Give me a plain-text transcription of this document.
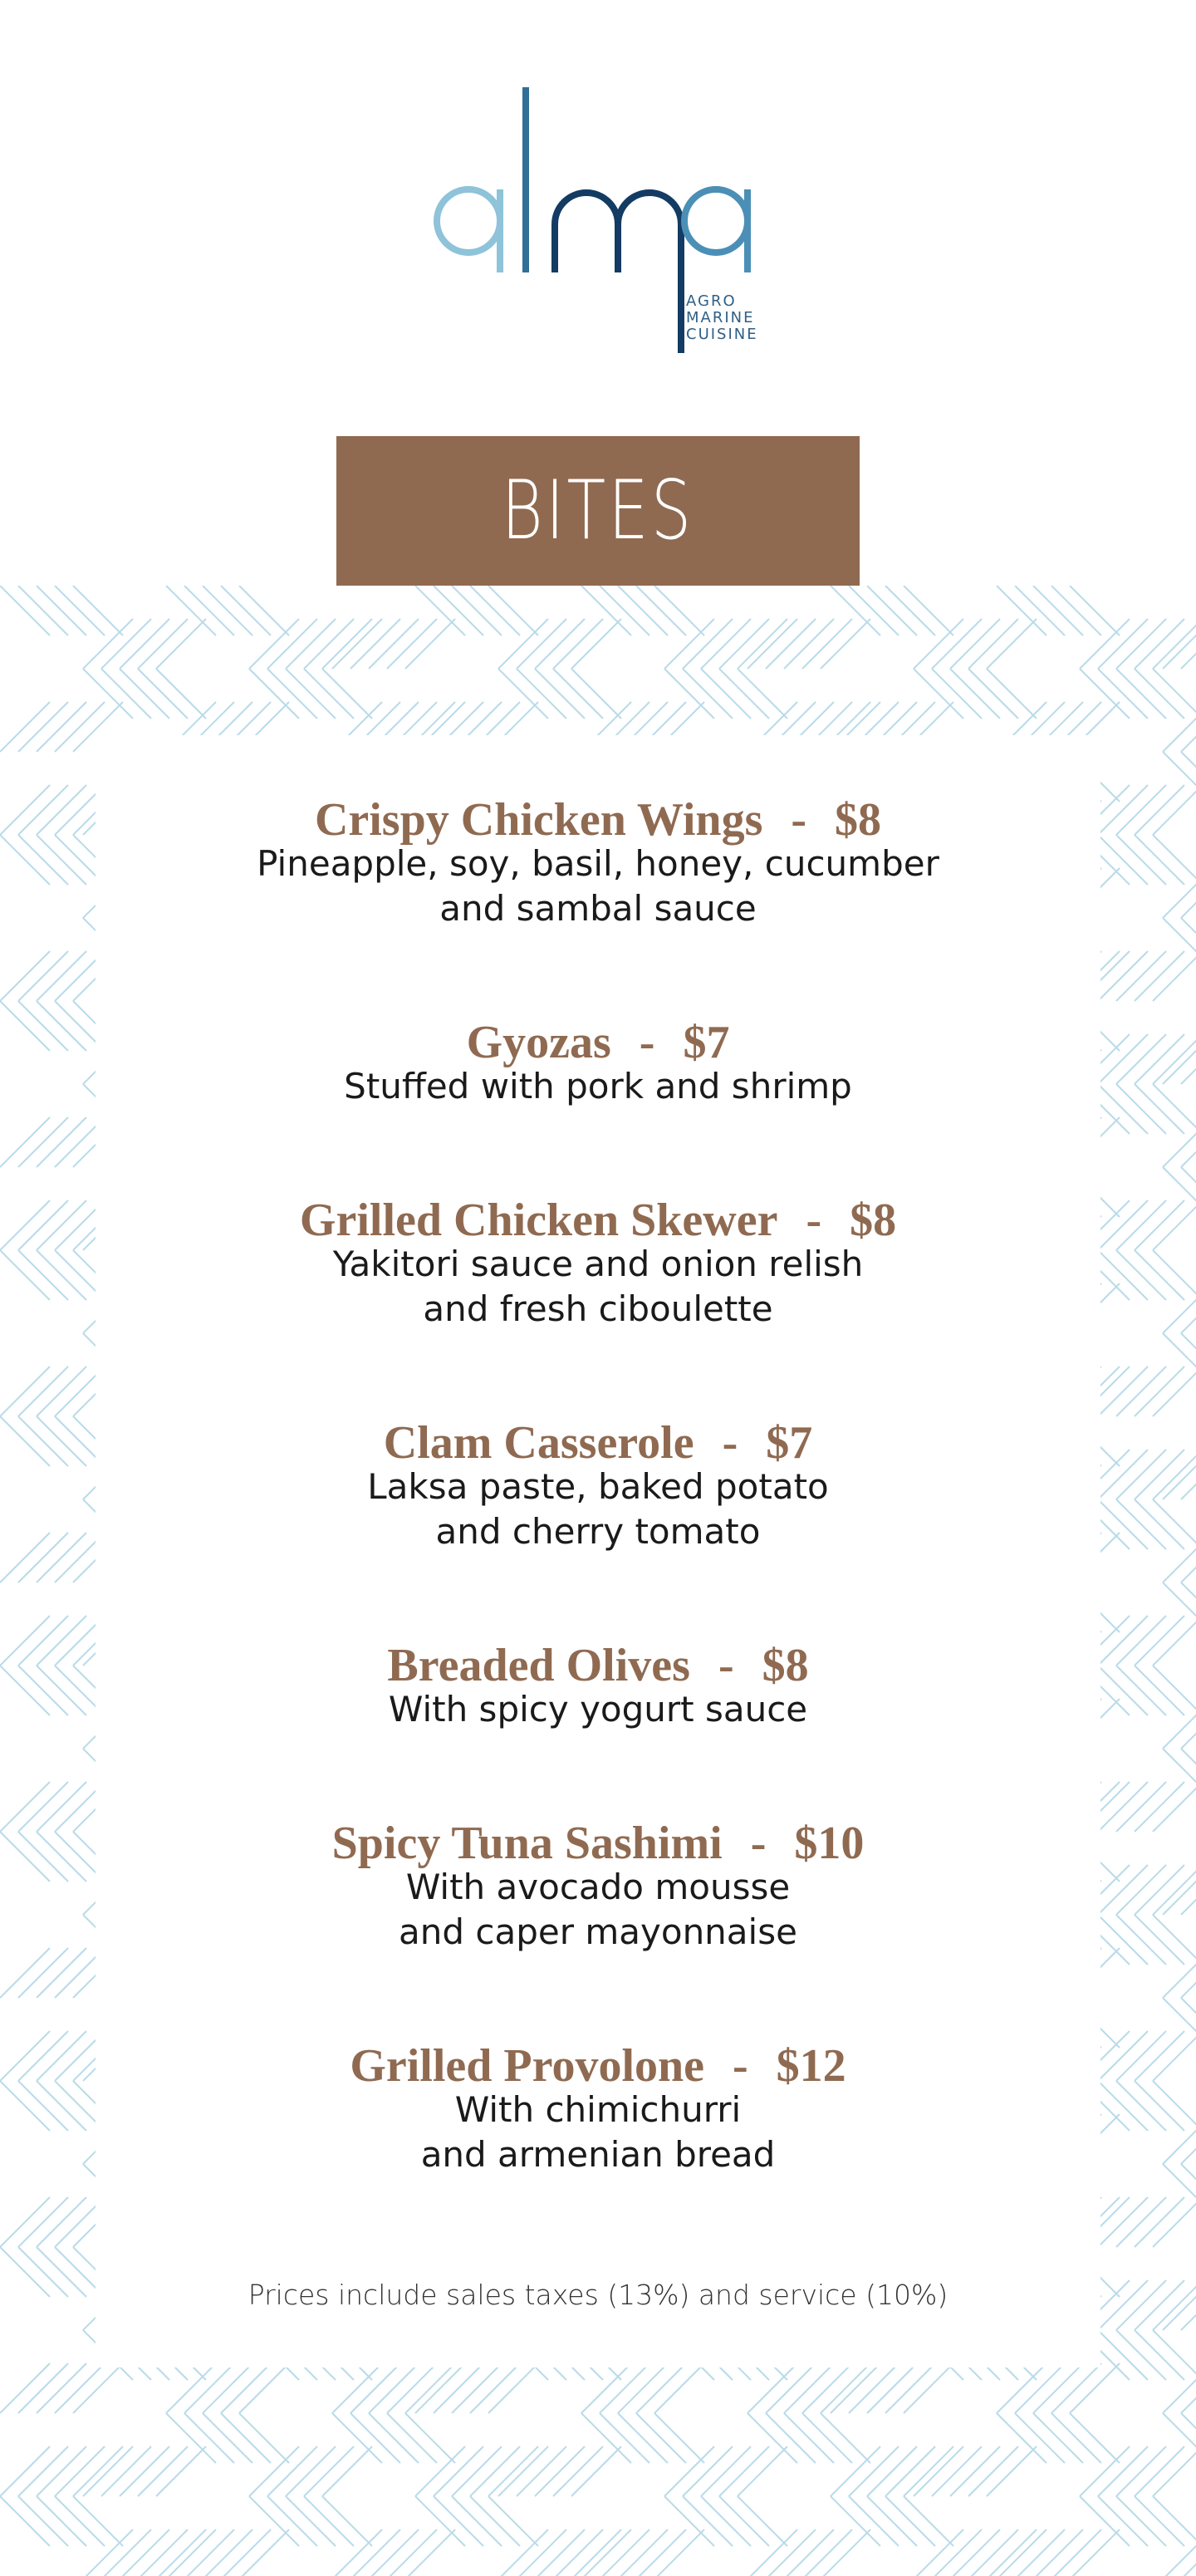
AGRO
MARINE
CUISINE
BITES
Crispy Chicken Wings - $8
Pineapple, soy, basil, honey, cucumber
and sambal sauce
Gyozas - $7
Stuffed with pork and shrimp
Grilled Chicken Skewer - $8
Yakitori sauce and onion relish
and fresh ciboulette
Clam Casserole - $7
Laksa paste, baked potato
and cherry tomato
Breaded Olives - $8
With spicy yogurt sauce
Spicy Tuna Sashimi - $10
With avocado mousse
and caper mayonnaise
Grilled Provolone - $12
With chimichurri
and armenian bread
Prices include sales taxes (13%) and service (10%)
